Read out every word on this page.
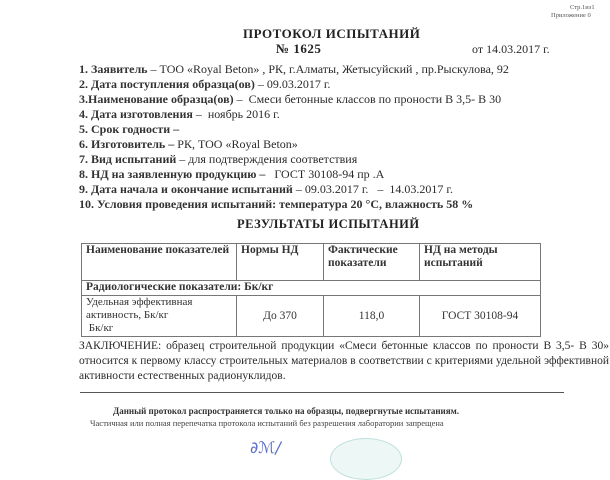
Стр.1из1
Приложение 0
ПРОТОКОЛ ИСПЫТАНИЙ
№ 1625	от 14.03.2017 г.
1. Заявитель – ТОО «Royal Beton» , РК, г.Алматы, Жетысуйский , пр.Рыскулова, 92
2. Дата поступления образца(ов) – 09.03.2017 г.
3.Наименование образца(ов) –  Смеси бетонные классов по проности В 3,5- В 30
4. Дата изготовления –  ноябрь 2016 г.
5. Срок годности –
6. Изготовитель – РК, ТОО «Royal Beton»
7. Вид испытаний – для подтверждения соответствия
8. НД на заявленную продукцию –   ГОСТ 30108-94 пр .А
9. Дата начала и окончание испытаний – 09.03.2017 г.   –  14.03.2017 г.
10. Условия проведения испытаний: температура 20 °С, влажность 58 %
РЕЗУЛЬТАТЫ ИСПЫТАНИЙ
Наименование показателей	Нормы НД	Фактические показатели	НД на методы испытаний
Радиологические показатели: Бк/кг			

Удельная эффективная
активность, Бк/кг
Бк/кг	До 370	118,0	ГОСТ 30108-94
ЗАКЛЮЧЕНИЕ: образец строительной продукции «Смеси бетонные классов по проности В 3,5- В 30» относится к первому классу строительных материалов в соответствии с критериями удельной эффективной активности естественных радионуклидов.
Данный протокол распространяется только на образцы, подвергнутые испытаниям.
Частичная или полная перепечатка протокола испытаний без разрешения лаборатории запрещена
∂ℳ/
